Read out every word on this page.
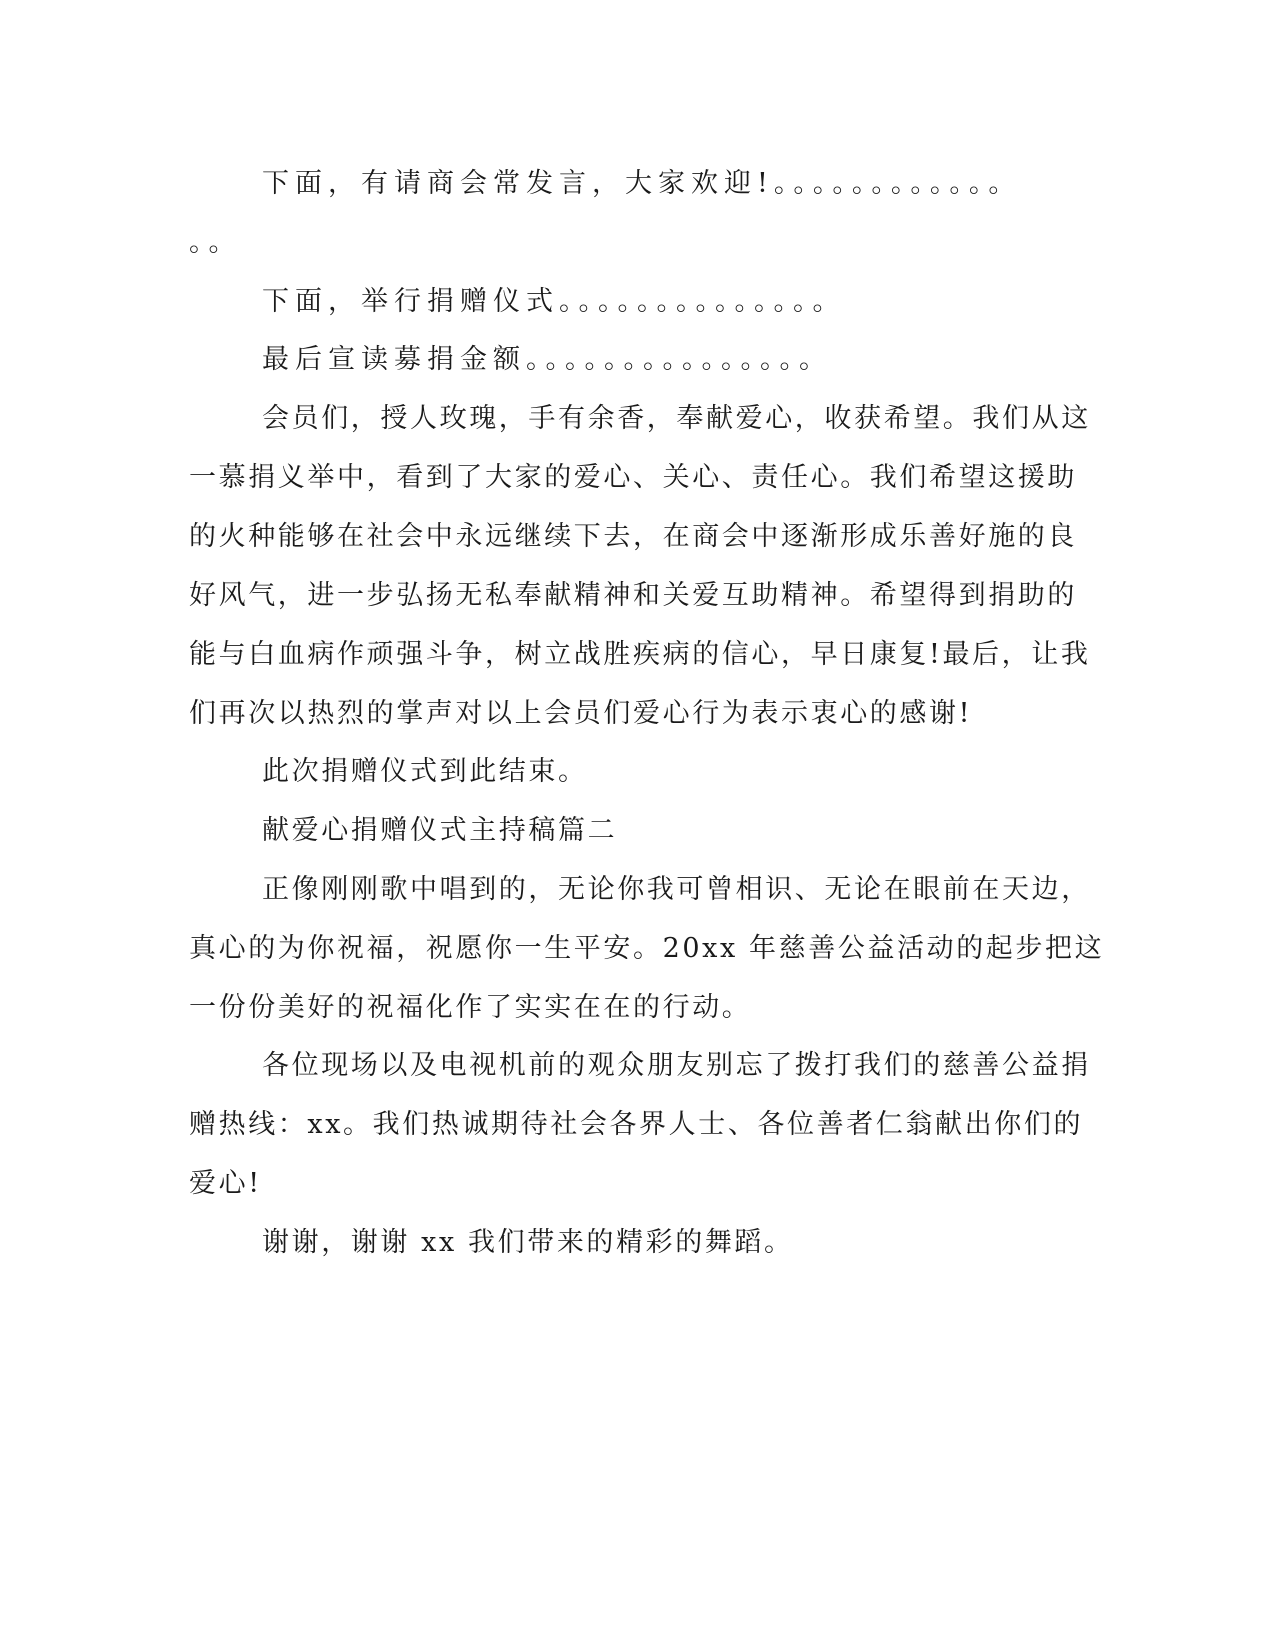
下面，有请商会常发言，大家欢迎!。。。。。。。。。。。。
。。
下面，举行捐赠仪式。。。。。。。。。。。。。。
最后宣读募捐金额。。。。。。。。。。。。。。。
会员们，授人玫瑰，手有余香，奉献爱心，收获希望。我们从这
一慕捐义举中，看到了大家的爱心、关心、责任心。我们希望这援助
的火种能够在社会中永远继续下去，在商会中逐渐形成乐善好施的良
好风气，进一步弘扬无私奉献精神和关爱互助精神。希望得到捐助的
能与白血病作顽强斗争，树立战胜疾病的信心，早日康复!最后，让我
们再次以热烈的掌声对以上会员们爱心行为表示衷心的感谢!
此次捐赠仪式到此结束。
献爱心捐赠仪式主持稿篇二
正像刚刚歌中唱到的，无论你我可曾相识、无论在眼前在天边，
真心的为你祝福，祝愿你一生平安。20xx 年慈善公益活动的起步把这
一份份美好的祝福化作了实实在在的行动。
各位现场以及电视机前的观众朋友别忘了拨打我们的慈善公益捐
赠热线：xx。我们热诚期待社会各界人士、各位善者仁翁献出你们的
爱心!
谢谢，谢谢 xx 我们带来的精彩的舞蹈。
